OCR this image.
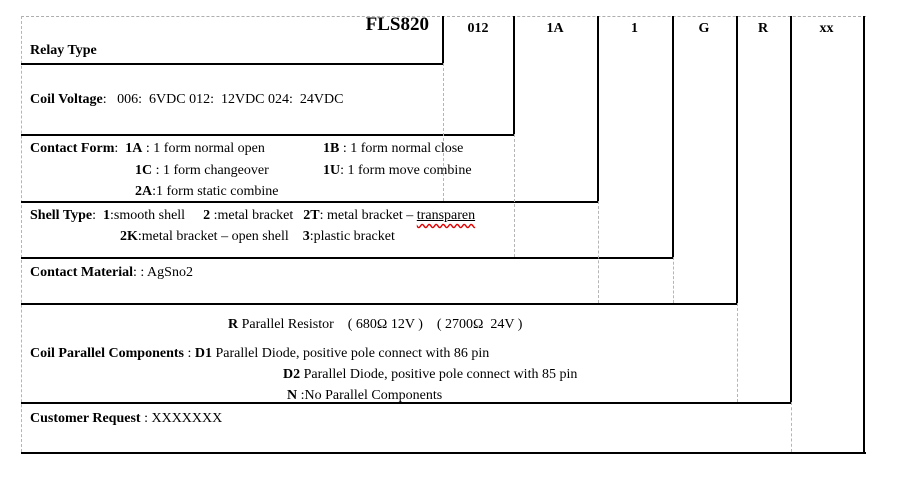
FLS820	012	1A	1	G	R	xx
Relay Type
Coil Voltage:   006:  6VDC 012:  12VDC 024:  24VDC
Contact Form:  1A : 1 form normal open	1B : 1 form normal close
1C : 1 form changeover	1U: 1 form move combine
2A:1 form static combine
Shell Type:  1:smooth shell 2 :metal bracket 2T: metal bracket – transparen
2K:metal bracket – open shell 3:plastic bracket
Contact Material: : AgSno2
R Parallel Resistor    ( 680Ω 12V )    ( 2700Ω  24V )
Coil Parallel Components : D1 Parallel Diode, positive pole connect with 86 pin
D2 Parallel Diode, positive pole connect with 85 pin
N :No Parallel Components
Customer Request : XXXXXXX
